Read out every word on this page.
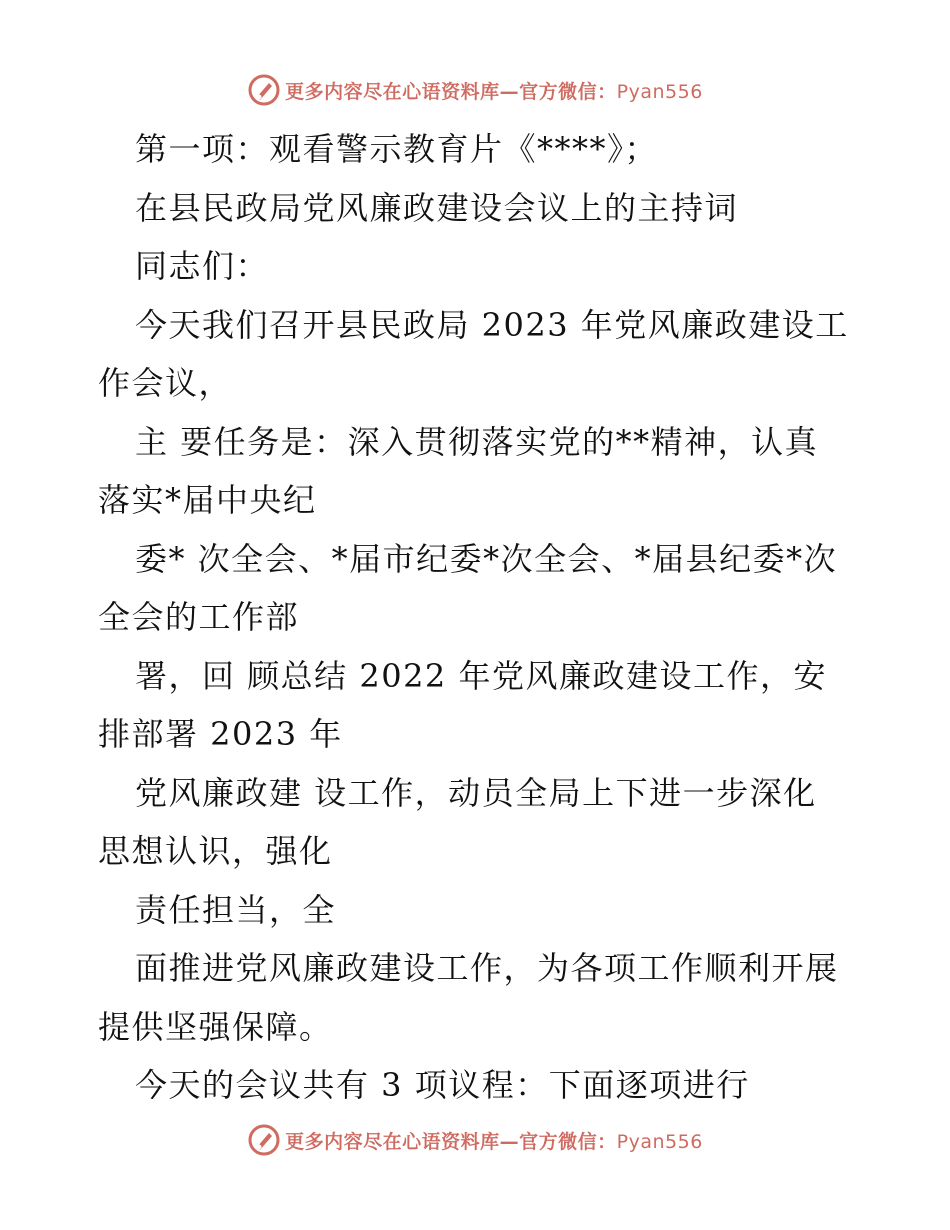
更多内容尽在心语资料库—官方微信：Pyan556
第一项：观看警示教育片《****》；
在县民政局党风廉政建设会议上的主持词
同志们：
今天我们召开县民政局 2023 年党风廉政建设工
作会议，
主 要任务是：深入贯彻落实党的**精神，认真
落实*届中央纪
委* 次全会、*届市纪委*次全会、*届县纪委*次
全会的工作部
署，回 顾总结 2022 年党风廉政建设工作，安
排部署 2023 年
党风廉政建 设工作，动员全局上下进一步深化
思想认识，强化
责任担当，全
面推进党风廉政建设工作，为各项工作顺利开展
提供坚强保障。
今天的会议共有 3 项议程：下面逐项进行
更多内容尽在心语资料库—官方微信：Pyan556
